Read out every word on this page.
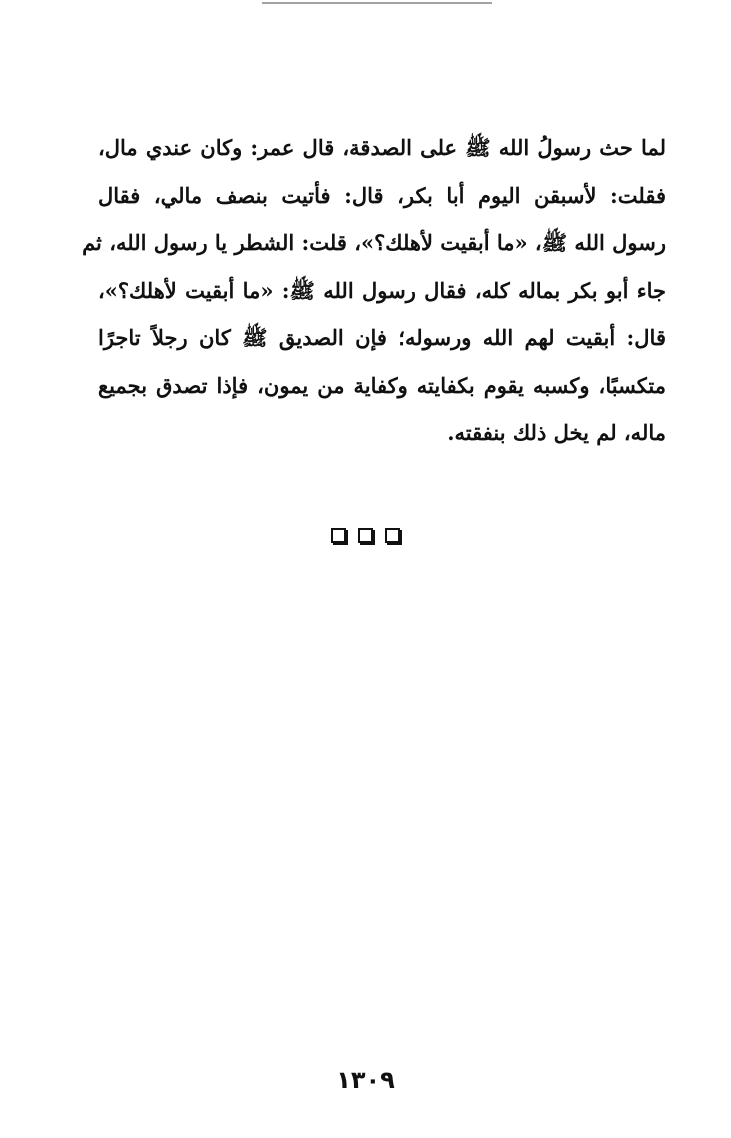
لما حث رسولُ الله ﷺ على الصدقة، قال عمر: وكان عندي مال،
فقلت: لأسبقن اليوم أبا بكر، قال: فأتيت بنصف مالي، فقال
رسول الله ﷺ، «ما أبقيت لأهلك؟»، قلت: الشطر يا رسول الله، ثم
جاء أبو بكر بماله كله، فقال رسول الله ﷺ: «ما أبقيت لأهلك؟»،
قال: أبقيت لهم الله ورسوله؛ فإن الصديق ﷺ كان رجلاً تاجرًا
متكسبًا، وكسبه يقوم بكفايته وكفاية من يمون، فإذا تصدق بجميع
ماله، لم يخل ذلك بنفقته.
١٣٠٩
